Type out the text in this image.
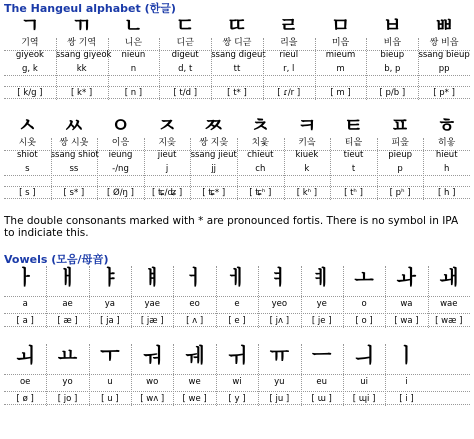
The Hangeul alphabet (한글)
ㄱ
기역
giyeok
g, k
[ k/g ]
ㄲ
쌍 기역
ssang giyeok
kk
[ k* ]
ㄴ
니은
nieun
n
[ n ]
ㄷ
디귿
digeut
d, t
[ t/d ]
ㄸ
쌍 디귿
ssang digeut
tt
[ t* ]
ㄹ
리을
rieul
r, l
[ ɾ/r ]
ㅁ
미음
mieum
m
[ m ]
ㅂ
비읍
bieup
b, p
[ p/b ]
ㅃ
쌍 비읍
ssang bieup
pp
[ p* ]
ㅅ
시옷
shiot
s
[ s ]
ㅆ
쌍 시옷
ssang shiot
ss
[ s* ]
ㅇ
이응
ieung
-/ng
[ Ø/ŋ ]
ㅈ
지읒
jieut
j
[ ʨ/ʥ ]
ㅉ
쌍 지읒
ssang jieut
jj
[ ʨ* ]
ㅊ
치읓
chieut
ch
[ ʨʰ ]
ㅋ
키읔
kiuek
k
[ kʰ ]
ㅌ
티읕
tieut
t
[ tʰ ]
ㅍ
피읖
pieup
p
[ pʰ ]
ㅎ
히읗
hieut
h
[ h ]
The double consonants marked with * are pronounced fortis. There is no symbol in IPA to indiciate this.
Vowels (모음/母音)
ㅏ
a
[ a ]
ㅐ
ae
[ æ ]
ㅑ
ya
[ ja ]
ㅒ
yae
[ jæ ]
ㅓ
eo
[ ʌ ]
ㅔ
e
[ e ]
ㅕ
yeo
[ jʌ ]
ㅖ
ye
[ je ]
ㅗ
o
[ o ]
ㅘ
wa
[ wa ]
ㅙ
wae
[ wæ ]
ㅚ
oe
[ ø ]
ㅛ
yo
[ jo ]
ㅜ
u
[ u ]
ㅝ
wo
[ wʌ ]
ㅞ
we
[ we ]
ㅟ
wi
[ y ]
ㅠ
yu
[ ju ]
ㅡ
eu
[ ɯ ]
ㅢ
ui
[ ɰi ]
ㅣ
i
[ i ]
